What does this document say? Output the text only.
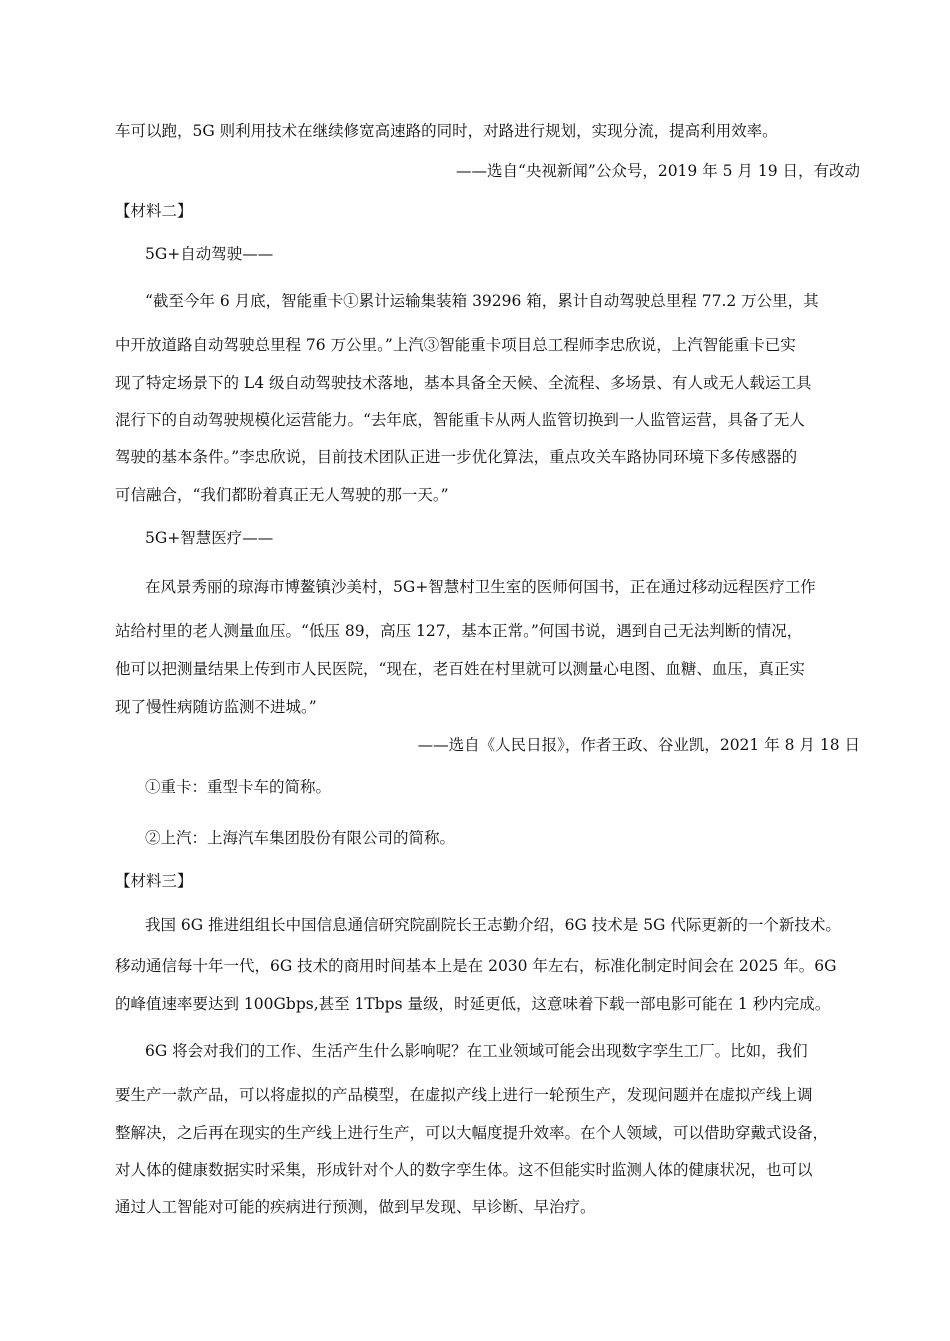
车可以跑，5G 则利用技术在继续修宽高速路的同时，对路进行规划，实现分流，提高利用效率。
——选自“央视新闻”公众号，2019 年 5 月 19 日，有改动
【材料二】
5G+自动驾驶——
“截至今年 6 月底，智能重卡①累计运输集装箱 39296 箱，累计自动驾驶总里程 77.2 万公里，其
中开放道路自动驾驶总里程 76 万公里。”上汽③智能重卡项目总工程师李忠欣说，上汽智能重卡已实
现了特定场景下的 L4 级自动驾驶技术落地，基本具备全天候、全流程、多场景、有人或无人载运工具
混行下的自动驾驶规模化运营能力。“去年底，智能重卡从两人监管切换到一人监管运营，具备了无人
驾驶的基本条件。”李忠欣说，目前技术团队正进一步优化算法，重点攻关车路协同环境下多传感器的
可信融合，“我们都盼着真正无人驾驶的那一天。”
5G+智慧医疗——
在风景秀丽的琼海市博鳌镇沙美村，5G+智慧村卫生室的医师何国书，正在通过移动远程医疗工作
站给村里的老人测量血压。“低压 89，高压 127，基本正常。”何国书说，遇到自己无法判断的情况，
他可以把测量结果上传到市人民医院，“现在，老百姓在村里就可以测量心电图、血糖、血压，真正实
现了慢性病随访监测不进城。”
——选自《人民日报》，作者王政、谷业凯，2021 年 8 月 18 日
①重卡：重型卡车的简称。
②上汽：上海汽车集团股份有限公司的简称。
【材料三】
我国 6G 推进组组长中国信息通信研究院副院长王志勤介绍，6G 技术是 5G 代际更新的一个新技术。
移动通信每十年一代，6G 技术的商用时间基本上是在 2030 年左右，标准化制定时间会在 2025 年。6G
的峰值速率要达到 100Gbps,甚至 1Tbps 量级，时延更低，这意味着下载一部电影可能在 1 秒内完成。
6G 将会对我们的工作、生活产生什么影响呢？在工业领域可能会出现数字孪生工厂。比如，我们
要生产一款产品，可以将虚拟的产品模型，在虚拟产线上进行一轮预生产，发现问题并在虚拟产线上调
整解决，之后再在现实的生产线上进行生产，可以大幅度提升效率。在个人领域，可以借助穿戴式设备，
对人体的健康数据实时采集，形成针对个人的数字孪生体。这不但能实时监测人体的健康状况，也可以
通过人工智能对可能的疾病进行预测，做到早发现、早诊断、早治疗。
